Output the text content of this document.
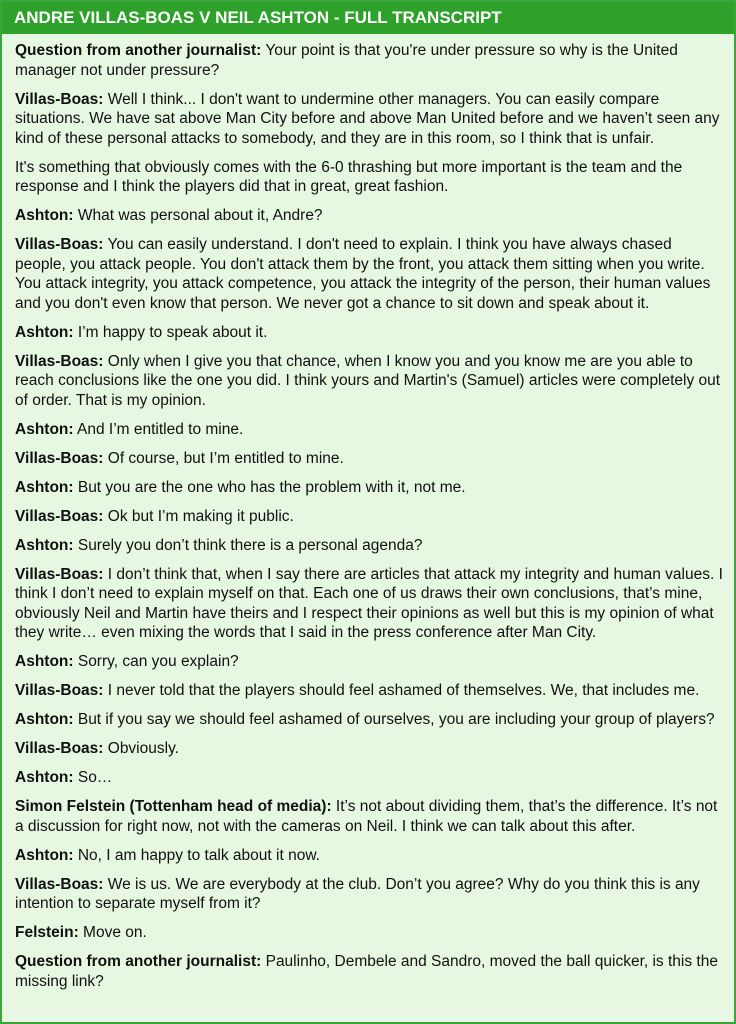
ANDRE VILLAS-BOAS V NEIL ASHTON - FULL TRANSCRIPT

Question from another journalist: Your point is that you're under pressure so why is the United manager not under pressure?

Villas-Boas: Well I think... I don't want to undermine other managers. You can easily compare situations. We have sat above Man City before and above Man United before and we haven’t seen any kind of these personal attacks to somebody, and they are in this room, so I think that is unfair.

It's something that obviously comes with the 6-0 thrashing but more important is the team and the response and I think the players did that in great, great fashion.

Ashton: What was personal about it, Andre?

Villas-Boas: You can easily understand. I don't need to explain. I think you have always chased people, you attack people. You don't attack them by the front, you attack them sitting when you write. You attack integrity, you attack competence, you attack the integrity of the person, their human values and you don't even know that person. We never got a chance to sit down and speak about it.

Ashton: I’m happy to speak about it.

Villas-Boas: Only when I give you that chance, when I know you and you know me are you able to reach conclusions like the one you did. I think yours and Martin's (Samuel) articles were completely out of order. That is my opinion.

Ashton: And I’m entitled to mine.

Villas-Boas: Of course, but I’m entitled to mine.

Ashton: But you are the one who has the problem with it, not me.

Villas-Boas: Ok but I’m making it public.

Ashton: Surely you don’t think there is a personal agenda?

Villas-Boas: I don’t think that, when I say there are articles that attack my integrity and human values. I think I don’t need to explain myself on that. Each one of us draws their own conclusions, that’s mine, obviously Neil and Martin have theirs and I respect their opinions as well but this is my opinion of what they write… even mixing the words that I said in the press conference after Man City.

Ashton: Sorry, can you explain?

Villas-Boas: I never told that the players should feel ashamed of themselves. We, that includes me.

Ashton: But if you say we should feel ashamed of ourselves, you are including your group of players?

Villas-Boas: Obviously.

Ashton: So…

Simon Felstein (Tottenham head of media): It’s not about dividing them, that’s the difference. It’s not a discussion for right now, not with the cameras on Neil. I think we can talk about this after.

Ashton: No, I am happy to talk about it now.

Villas-Boas: We is us. We are everybody at the club. Don’t you agree? Why do you think this is any intention to separate myself from it?

Felstein: Move on.

Question from another journalist: Paulinho, Dembele and Sandro, moved the ball quicker, is this the missing link?
